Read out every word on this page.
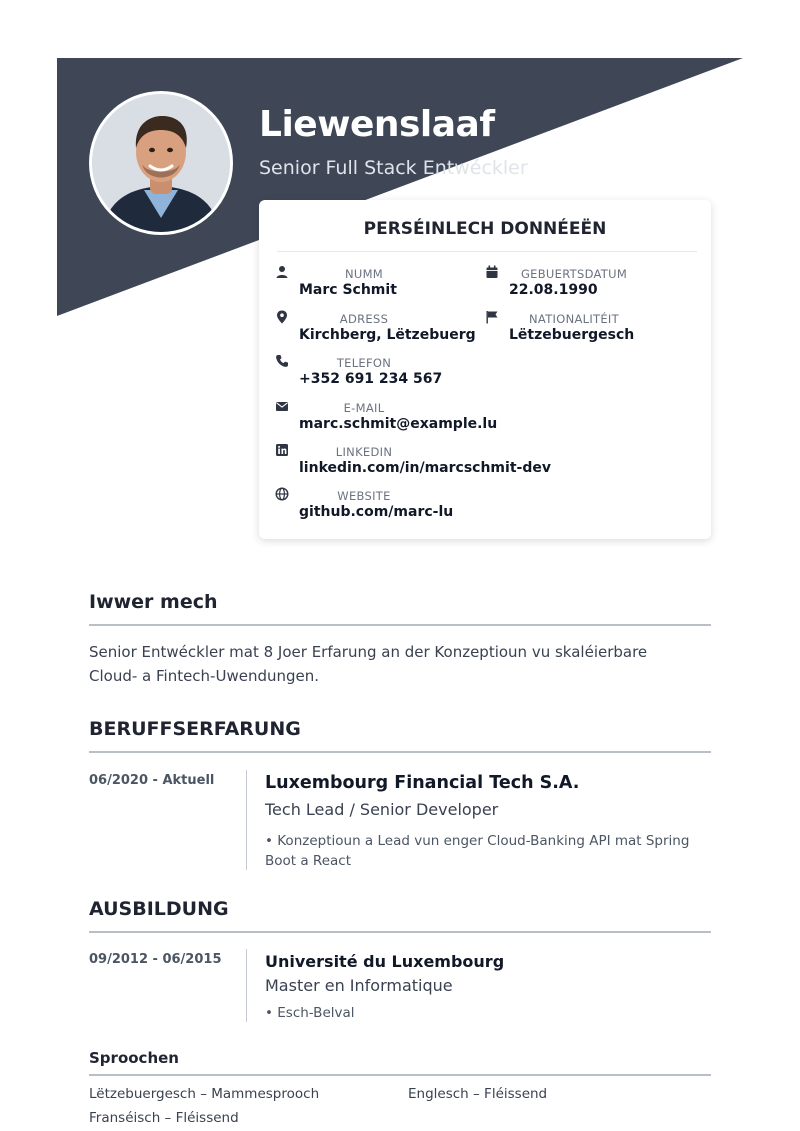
Liewenslaaf
Senior Full Stack Entwéckler
PERSÉINLECH DONNÉEËN
NUMM
Marc Schmit
GEBUERTSDATUM
22.08.1990
ADRESS
Kirchberg, Lëtzebuerg
NATIONALITÉIT
Lëtzebuergesch
TELEFON
+352 691 234 567
E-MAIL
marc.schmit@example.lu
LINKEDIN
linkedin.com/in/marcschmit-dev
WEBSITE
github.com/marc-lu
Iwwer mech
Senior Entwéckler mat 8 Joer Erfarung an der Konzeptioun vu skaléierbare Cloud- a Fintech-Uwendungen.
BERUFFSERFARUNG
06/2020 - Aktuell	Luxembourg Financial Tech S.A.
Tech Lead / Senior Developer
• Konzeptioun a Lead vun enger Cloud-Banking API mat Spring Boot a React
AUSBILDUNG
09/2012 - 06/2015	Université du Luxembourg
Master en Informatique
• Esch-Belval
Sproochen
Lëtzebuergesch – Mammesprooch	Englesch – Fléissend
Franséisch – Fléissend
